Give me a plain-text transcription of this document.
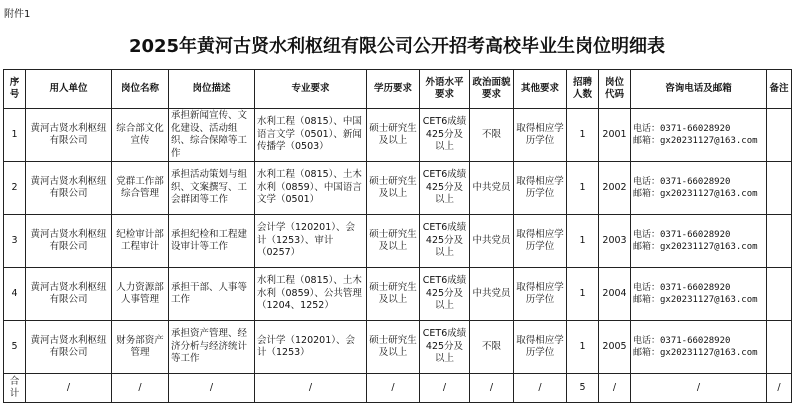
附件1
2025年黄河古贤水利枢纽有限公司公开招考高校毕业生岗位明细表
序号	用人单位	岗位名称	岗位描述	专业要求	学历要求	外语水平要求	政治面貌要求	其他要求	招聘人数	岗位代码	咨询电话及邮箱	备注
1	黄河古贤水利枢纽有限公司	综合部文化宣传	承担新闻宣传、文化建设、活动组织、综合保障等工作	水利工程（0815）、中国语言文学（0501）、新闻传播学（0503）	硕士研究生及以上	CET6成绩425分及以上	不限	取得相应学历学位	1	2001	电话：0371-66028920
邮箱：gx20231127@163.com	

2	黄河古贤水利枢纽有限公司	党群工作部综合管理	承担活动策划与组织、文案撰写、工会群团等工作	水利工程（0815）、土木水利（0859）、中国语言文学（0501）	硕士研究生及以上	CET6成绩425分及以上	中共党员	取得相应学历学位	1	2002	电话：0371-66028920
邮箱：gx20231127@163.com	

3	黄河古贤水利枢纽有限公司	纪检审计部工程审计	承担纪检和工程建设审计等工作	会计学（120201）、会计（1253）、审计（0257）	硕士研究生及以上	CET6成绩425分及以上	中共党员	取得相应学历学位	1	2003	电话：0371-66028920
邮箱：gx20231127@163.com	

4	黄河古贤水利枢纽有限公司	人力资源部人事管理	承担干部、人事等工作	水利工程（0815）、土木水利（0859）、公共管理（1204、1252）	硕士研究生及以上	CET6成绩425分及以上	中共党员	取得相应学历学位	1	2004	电话：0371-66028920
邮箱：gx20231127@163.com	

5	黄河古贤水利枢纽有限公司	财务部资产管理	承担资产管理、经济分析与经济统计等工作	会计学（120201）、会计（1253）	硕士研究生及以上	CET6成绩425分及以上	不限	取得相应学历学位	1	2005	电话：0371-66028920
邮箱：gx20231127@163.com	

合计	/	/	/	/	/	/	/	/	5	/	/	/
